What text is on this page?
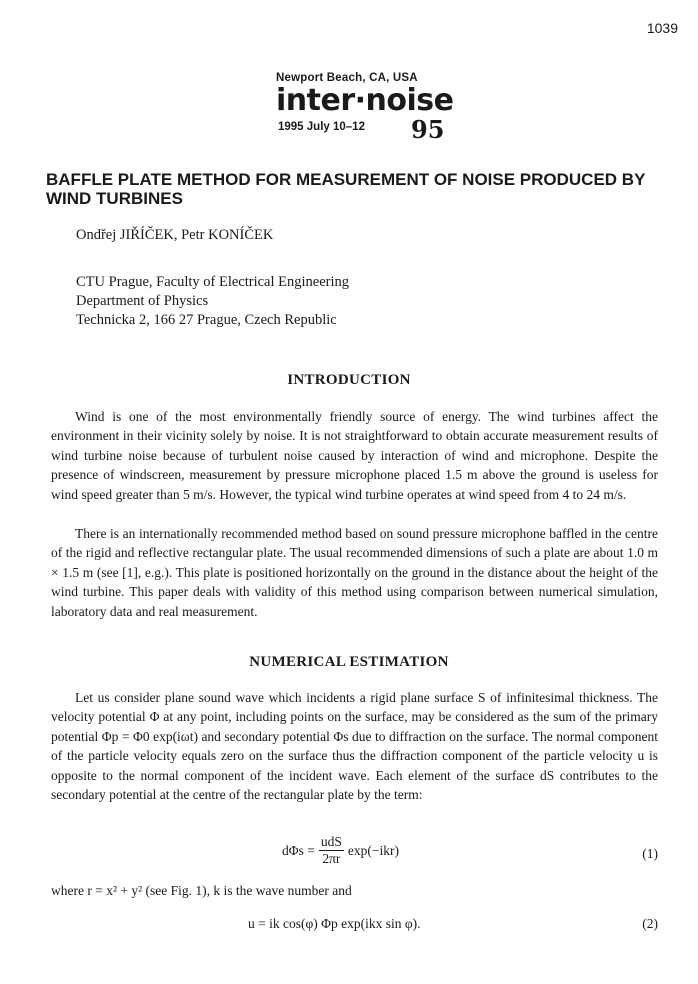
1039
Newport Beach, CA, USA
inter·noise
1995 July 10–12 95
BAFFLE PLATE METHOD FOR MEASUREMENT OF NOISE PRODUCED BY WIND TURBINES
Ondřej JIŘÍČEK, Petr KONÍČEK
CTU Prague, Faculty of Electrical Engineering
Department of Physics
Technicka 2, 166 27 Prague, Czech Republic
INTRODUCTION

Wind is one of the most environmentally friendly source of energy. The wind turbines affect the environment in their vicinity solely by noise. It is not straightforward to obtain accurate measurement results of wind turbine noise because of turbulent noise caused by interaction of wind and microphone. Despite the presence of windscreen, measurement by pressure microphone placed 1.5 m above the ground is useless for wind speed greater than 5 m/s. However, the typical wind turbine operates at wind speed from 4 to 24 m/s.

There is an internationally recommended method based on sound pressure microphone baffled in the centre of the rigid and reflective rectangular plate. The usual recommended dimensions of such a plate are about 1.0 m × 1.5 m (see [1], e.g.). This plate is positioned horizontally on the ground in the distance about the height of the wind turbine. This paper deals with validity of this method using comparison between numerical simulation, laboratory data and real measurement.

NUMERICAL ESTIMATION

Let us consider plane sound wave which incidents a rigid plane surface S of infinitesimal thickness. The velocity potential Φ at any point, including points on the surface, may be considered as the sum of the primary potential Φp = Φ0 exp(iωt) and secondary potential Φs due to diffraction on the surface. The normal component of the particle velocity equals zero on the surface thus the diffraction component of the particle velocity u is opposite to the normal component of the incident wave. Each element of the surface dS contributes to the secondary potential at the centre of the rectangular plate by the term:

$d\Phi s = \frac{\text{udS}}{2\pi r} \exp(-ikr)$	(1)

where r = x² + y² (see Fig. 1), k is the wave number and

u = ik cos(φ) Φp exp(ikx sin φ).	(2)
